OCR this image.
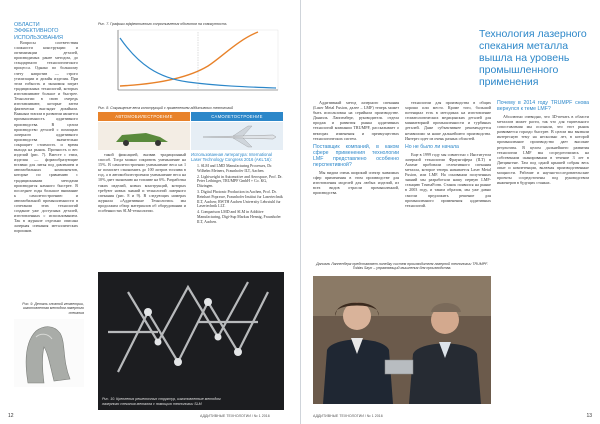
ОБЛАСТИ ЭФФЕКТИВНОГО ИСПОЛЬЗОВАНИЯ

Вопросы соответствия сложности конструкции и оптимизации деталей, производимых ранее методом, до стандартного технологического процесса. Однако по большому счету напротив — строго утилизации и дизайн изделия. При этом гибкость и экономия затрат традиционных технологий, которых изготавливают больше и быстрее. Технологии в свою очередь изготавливают, которые затем фактически выглядят дизайном. Важным этапом в развитии является промышленность аддитивного производства. В целом производство деталей с помощью лазерного аддитивного производства значительно сокращает стоимость и время выхода на рынок. Прочность и вес изделий (рис. 7). Вместе с этим, изделия — формообразующие вставки для литья под давлением и автомобильных компонентов, которые по сравнению с традиционными методами производятся намного быстрее. В последнее годы большое внимание к самолетостроению и автомобильной промышленности в сочетании этих технологий создание уже доступных деталей, изготовленных с использованием. Так в журнале отдельно описана лазерная спекания металлических порошков.

Рис. 7. Графики эффективного сопротивления объектов на совокупность
Рис. 8. Сокращение веса конструкций с применением аддитивных технологий
АВТОМОБИЛЕСТРОЕНИЕ	САМОЛЕТОСТРОЕНИЕ

такой фиксацией, вызвав традиционный способ. Тогда можно сократить уменьшение на 15%. В самолетостроении уменьшение веса на 1 кг помогает сэкономить до 100 литров топлива в год, а в автомобилестроении уменьшение веса на 10% дает экономию на топливе на 6%. Разработка таких изделий, новых конструкций, которых требуют новых знаний и технологий лазерного спекания (рис. 8 и 9). В следующих номерах журнала «Аддитивные Технологии» мы продолжим обзор материалов об оборудовании и особенностях SLM-технологии.

Использованная литература: International Laser Technology Congress 2016 (AKL'16):
1. SLM and LMD Manufacturing Processes, Dr. Wilhelm Meiners, Fraunhofer ILT, Aachen.
2. Lightweight in Automotive and Aerospace, Prof. Dr. Peter Leibinger, TRUMPF GmbH + Co. KG, Ditzingen.
3. Digital Photonic Production in Aachen, Prof. Dr. Reinhart Poprawe, Fraunhofer Institut fur Lasertechnik ILT, Aachen; RWTH Aachen University Lehrstuhl fur Lasertechnik LLT.
4. Comparison LMD and SLM in Additive Manufacturing, Digi-Sup Markus Hennig, Fraunhofer ILT, Aachen.
Рис. 9. Деталь сложной геометрии, изготовленная методом лазерного спекания
Рис. 10. Крепления решеточных структур, изготовленные методом лазерного спекания металла с помощью технологии SLM
12	АДДИТИВНЫЕ ТЕХНОЛОГИИ / № 1 2016
Технология лазерного спекания металла вышла на уровень промышленного применения

Аддитивный метод лазерного спекания (Laser Metal Fusion, далее – LMF) теперь может быть использован на серийном производстве. Даниэль Лаппенберг, руководитель отдела продаж и развития рынка аддитивных технологий компании TRUMPF, рассказывает о векторах изменения и преимуществах технологических систем.

Поставщик компаний, в каком сфере применения технологии LMF представлено особенно перспективной?

Мы видим очень широкий спектр значимых сфер применения в этом производстве для изготовления моделей для любых изделий, из всех видов отрасли промышленной, производства.

технологии для производства в общих хорошо или место. Кроме того, большой потенциал есть в методиках на изготовление стоматологических медицинских деталей для миниатюрной промышленности и турбиных деталей. Даже субъективнее рекомендуется независимо за наше дальнейшего производства. Интерес идет из очень разных областей.

Но не было ли начала

Еще в 1999 году мы совместно с Институтом лазерной технологии Фраунгофера (ILT) в Аахене пробовали селективного спекания металла, которое теперь называется Laser Metal Fusion, или LMF. На основании полученных знаний мы разработали нашу первую LMF-станцию TrumaForm. Станок появился на рынке в 2003 году, и таким образом, мы уже давно смогли предложить решение для промышленного применения аддитивных технологий.

Даниэль Лаппенберг представляет линейку систем производителя лазерной технологии TRUMPF. Tobias Sayn – управляющий мышления для производства.
Почему в 2014 году TRUMPF снова вернулся к теме LMF?

Абсолютно очевидно, что 3D-печать в области металлов может расти, так что для тщательного сопоставления мы осознали, что этот рынок развивается гораздо быстрее. В целом мы вызвали интересную тему на несколько лет, в которой промышленное производство дает высокие результаты. В целом дальнейшего развития технологии LMF мы сосредоточились на собственном сканировании в течение 3 лет в Дитцингене. Там под одной крышей собран весь опыт и компетенции, включая производственные мощности. Рабочие и научно-исследовательские проекты сосредоточены под руководством инженеров в будущих станках.

АДДИТИВНЫЕ ТЕХНОЛОГИИ / № 1 2016	13
